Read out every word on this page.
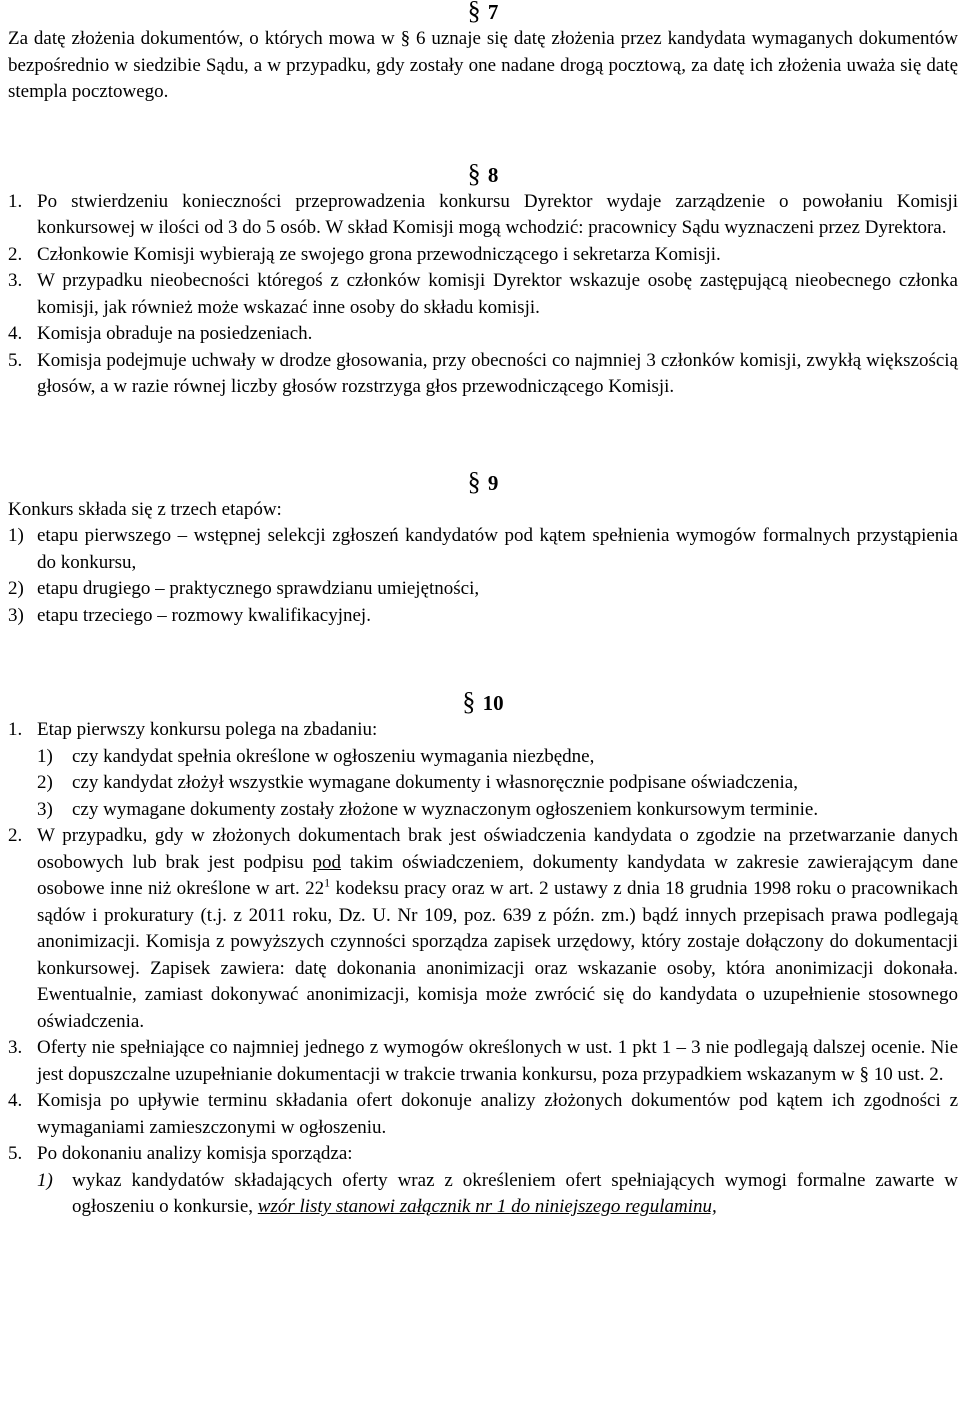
§ 7

Za datę złożenia dokumentów, o których mowa w § 6 uznaje się datę złożenia przez kandydata wymaganych dokumentów bezpośrednio w siedzibie Sądu, a w przypadku, gdy zostały one nadane drogą pocztową, za datę ich złożenia uważa się datę stempla pocztowego.

§ 8
1. Po stwierdzeniu konieczności przeprowadzenia konkursu Dyrektor wydaje zarządzenie o powołaniu Komisji konkursowej w ilości od 3 do 5 osób. W skład Komisji mogą wchodzić: pracownicy Sądu wyznaczeni przez Dyrektora.
2. Członkowie Komisji wybierają ze swojego grona przewodniczącego i sekretarza Komisji.
3. W przypadku nieobecności któregoś z członków komisji Dyrektor wskazuje osobę zastępującą nieobecnego członka komisji, jak również może wskazać inne osoby do składu komisji.
4. Komisja obraduje na posiedzeniach.
5. Komisja podejmuje uchwały w drodze głosowania, przy obecności co najmniej 3 członków komisji, zwykłą większością głosów, a w razie równej liczby głosów rozstrzyga głos przewodniczącego Komisji.
§ 9

Konkurs składa się z trzech etapów:

1) etapu pierwszego – wstępnej selekcji zgłoszeń kandydatów pod kątem spełnienia wymogów formalnych przystąpienia do konkursu,
2) etapu drugiego – praktycznego sprawdzianu umiejętności,
3) etapu trzeciego – rozmowy kwalifikacyjnej.
§ 10
1. Etap pierwszy konkursu polega na zbadaniu:
1)	czy kandydat spełnia określone w ogłoszeniu wymagania niezbędne,
2)	czy kandydat złożył wszystkie wymagane dokumenty i własnoręcznie podpisane oświadczenia,
3)	czy wymagane dokumenty zostały złożone w wyznaczonym ogłoszeniem konkursowym terminie.
2. W przypadku, gdy w złożonych dokumentach brak jest oświadczenia kandydata o zgodzie na przetwarzanie danych osobowych lub brak jest podpisu pod takim oświadczeniem, dokumenty kandydata w zakresie zawierającym dane osobowe inne niż określone w art. $22^1$ kodeksu pracy oraz w art. 2 ustawy z dnia 18 grudnia 1998 roku o pracownikach sądów i prokuratury (t.j. z 2011 roku, Dz. U. Nr 109, poz. 639 z późn. zm.) bądź innych przepisach prawa podlegają anonimizacji. Komisja z powyższych czynności sporządza zapisek urzędowy, który zostaje dołączony do dokumentacji konkursowej. Zapisek zawiera: datę dokonania anonimizacji oraz wskazanie osoby, która anonimizacji dokonała. Ewentualnie, zamiast dokonywać anonimizacji, komisja może zwrócić się do kandydata o uzupełnienie stosownego oświadczenia.
3. Oferty nie spełniające co najmniej jednego z wymogów określonych w ust. 1 pkt 1 – 3 nie podlegają dalszej ocenie. Nie jest dopuszczalne uzupełnianie dokumentacji w trakcie trwania konkursu, poza przypadkiem wskazanym w § 10 ust. 2.
4. Komisja po upływie terminu składania ofert dokonuje analizy złożonych dokumentów pod kątem ich zgodności z wymaganiami zamieszczonymi w ogłoszeniu.
5. Po dokonaniu analizy komisja sporządza:
1)	wykaz kandydatów składających oferty wraz z określeniem ofert spełniających wymogi formalne zawarte w ogłoszeniu o konkursie, wzór listy stanowi załącznik nr 1 do niniejszego regulaminu,
